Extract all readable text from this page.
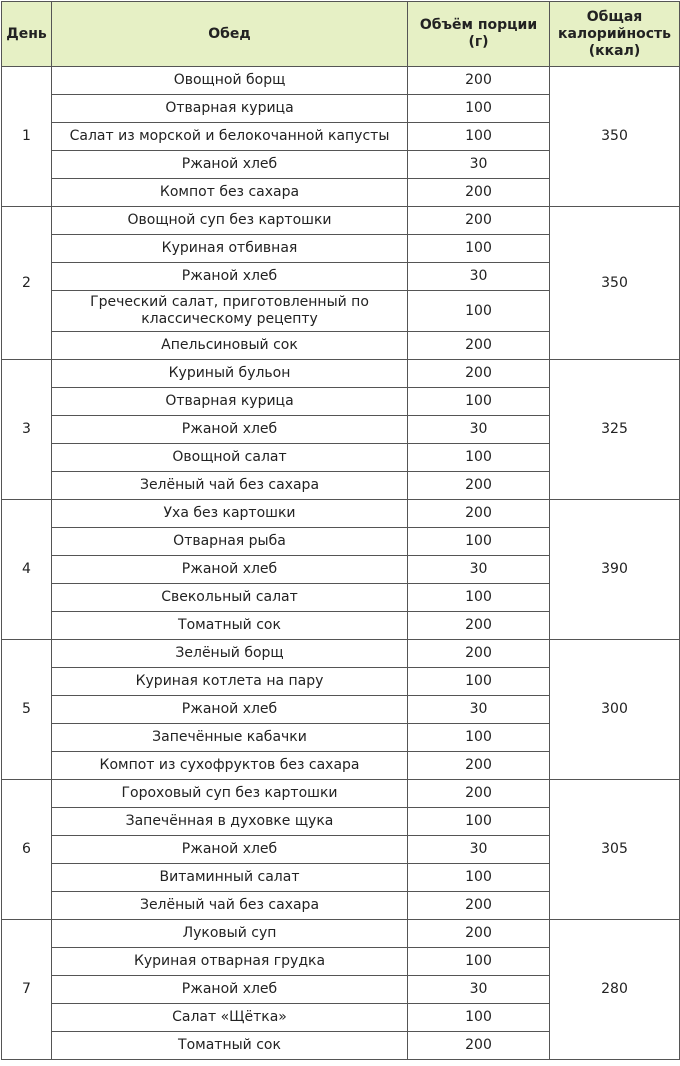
День	Обед	Объём порции (г)	Общая калорийность (ккал)
1	Овощной борщ	200	350
	Отварная курица	100	
	Салат из морской и белокочанной капусты	100	
	Ржаной хлеб	30	
	Компот без сахара	200	
2	Овощной суп без картошки	200	350
	Куриная отбивная	100	
	Ржаной хлеб	30	
	Греческий салат, приготовленный по классическому рецепту	100	
	Апельсиновый сок	200	
3	Куриный бульон	200	325
	Отварная курица	100	
	Ржаной хлеб	30	
	Овощной салат	100	
	Зелёный чай без сахара	200	
4	Уха без картошки	200	390
	Отварная рыба	100	
	Ржаной хлеб	30	
	Свекольный салат	100	
	Томатный сок	200	
5	Зелёный борщ	200	300
	Куриная котлета на пару	100	
	Ржаной хлеб	30	
	Запечённые кабачки	100	
	Компот из сухофруктов без сахара	200	
6	Гороховый суп без картошки	200	305
	Запечённая в духовке щука	100	
	Ржаной хлеб	30	
	Витаминный салат	100	
	Зелёный чай без сахара	200	
7	Луковый суп	200	280
	Куриная отварная грудка	100	
	Ржаной хлеб	30	
	Салат «Щётка»	100	
	Томатный сок	200	
